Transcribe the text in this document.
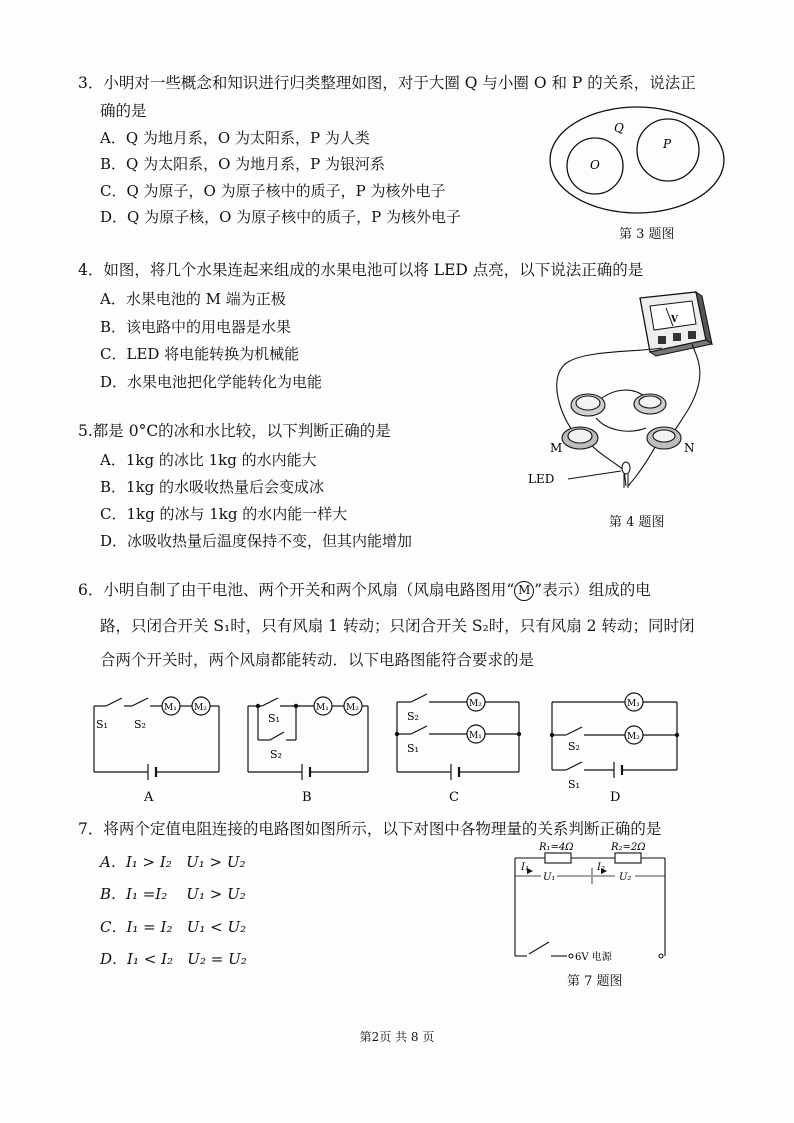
3．小明对一些概念和知识进行归类整理如图，对于大圈 Q 与小圈 O 和 P 的关系，说法正
确的是
A．Q 为地月系，O 为太阳系，P 为人类
B．Q 为太阳系，O 为地月系，P 为银河系
C．Q 为原子，O 为原子核中的质子，P 为核外电子
D．Q 为原子核，O 为原子核中的质子，P 为核外电子
Q
O
P
第 3 题图
4．如图，将几个水果连起来组成的水果电池可以将 LED 点亮，以下说法正确的是
A．水果电池的 M 端为正极
B．该电路中的用电器是水果
C．LED 将电能转换为机械能
D．水果电池把化学能转化为电能
V
M	N
LED
第 4 题图
5.都是 0°C的冰和水比较，以下判断正确的是
A．1kg 的冰比 1kg 的水内能大
B．1kg 的水吸收热量后会变成冰
C．1kg 的冰与 1kg 的水内能一样大
D．冰吸收热量后温度保持不变，但其内能增加
6．小明自制了由干电池、两个开关和两个风扇（风扇电路图用“ M ”表示）组成的电
路，只闭合开关 S₁时，只有风扇 1 转动；只闭合开关 S₂时，只有风扇 2 转动；同时闭
合两个开关时，两个风扇都能转动．以下电路图能符合要求的是
S₁ S₂
M₁ M₂
A
S₁
S₂
M₁ M₂
B
S₂
S₁
M₂
M₁
C
S₂
S₁
M₁
M₂
D
7．将两个定值电阻连接的电路图如图所示，以下对图中各物理量的关系判断正确的是
A．I₁ > I₂   U₁ > U₂
B．I₁ =I₂    U₁ > U₂
C．I₁ = I₂   U₁ < U₂
D．I₁ < I₂   U₂ = U₂
R₁=4Ω	R₂=2Ω
I₁	I₂
U₁	U₂
6V 电源
第 7 题图
第2页 共 8 页
